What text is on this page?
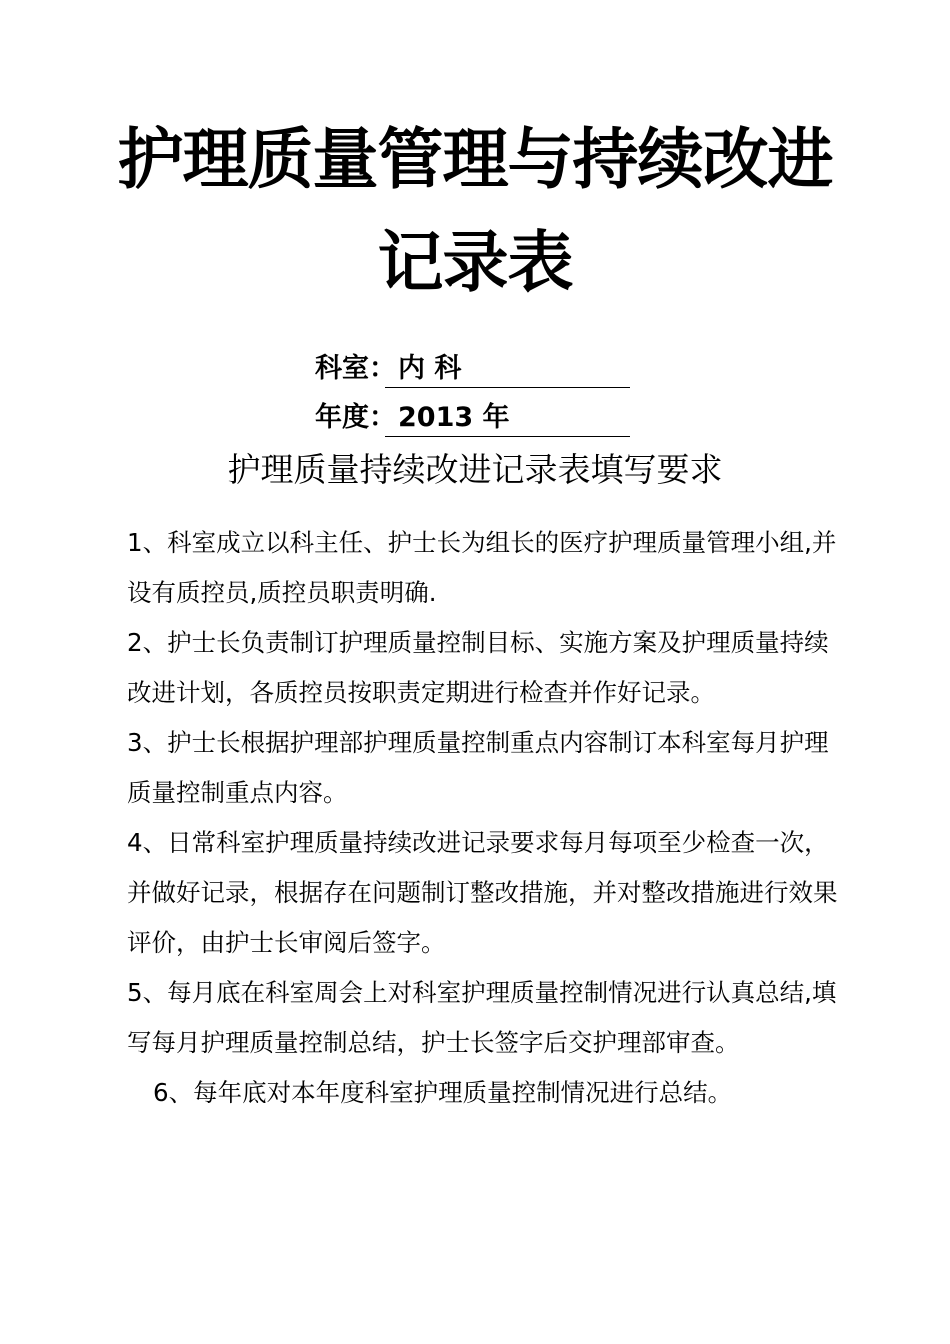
护理质量管理与持续改进
记录表
科室：内 科
年度：2013 年
护理质量持续改进记录表填写要求

1、科室成立以科主任、护士长为组长的医疗护理质量管理小组,并设有质控员,质控员职责明确.

2、护士长负责制订护理质量控制目标、实施方案及护理质量持续改进计划，各质控员按职责定期进行检查并作好记录。

3、护士长根据护理部护理质量控制重点内容制订本科室每月护理质量控制重点内容。

4、日常科室护理质量持续改进记录要求每月每项至少检查一次，并做好记录，根据存在问题制订整改措施，并对整改措施进行效果评价，由护士长审阅后签字。

5、每月底在科室周会上对科室护理质量控制情况进行认真总结,填写每月护理质量控制总结，护士长签字后交护理部审查。

6、每年底对本年度科室护理质量控制情况进行总结。
